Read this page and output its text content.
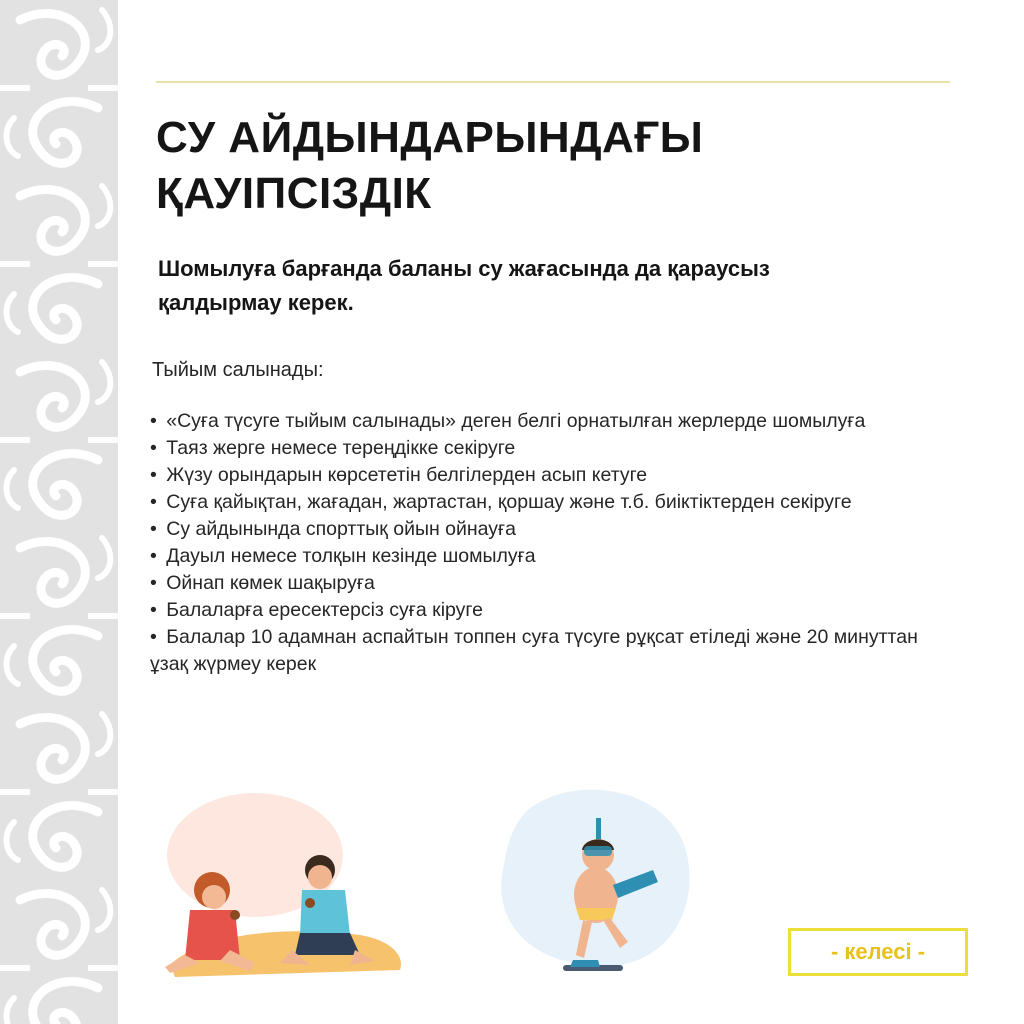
СУ АЙДЫНДАРЫНДАҒЫ
ҚАУІПСІЗДІК

Шомылуға барғанда баланы су жағасында да қараусыз
қалдырмау керек.

Тыйым салынады:

• «Суға түсуге тыйым салынады» деген белгі орнатылған жерлерде шомылуға
• Таяз жерге немесе тереңдікке секіруге
• Жүзу орындарын көрсететін белгілерден асып кетуге
• Суға қайықтан, жағадан, жартастан, қоршау және т.б. биіктіктерден секіруге
• Су айдынында спорттық ойын ойнауға
• Дауыл немесе толқын кезінде шомылуға
• Ойнап көмек шақыруға
• Балаларға ересектерсіз суға кіруге
• Балалар 10 адамнан аспайтын топпен суға түсуге рұқсат етіледі және 20 минуттан ұзақ жүрмеу керек
- келесі -
